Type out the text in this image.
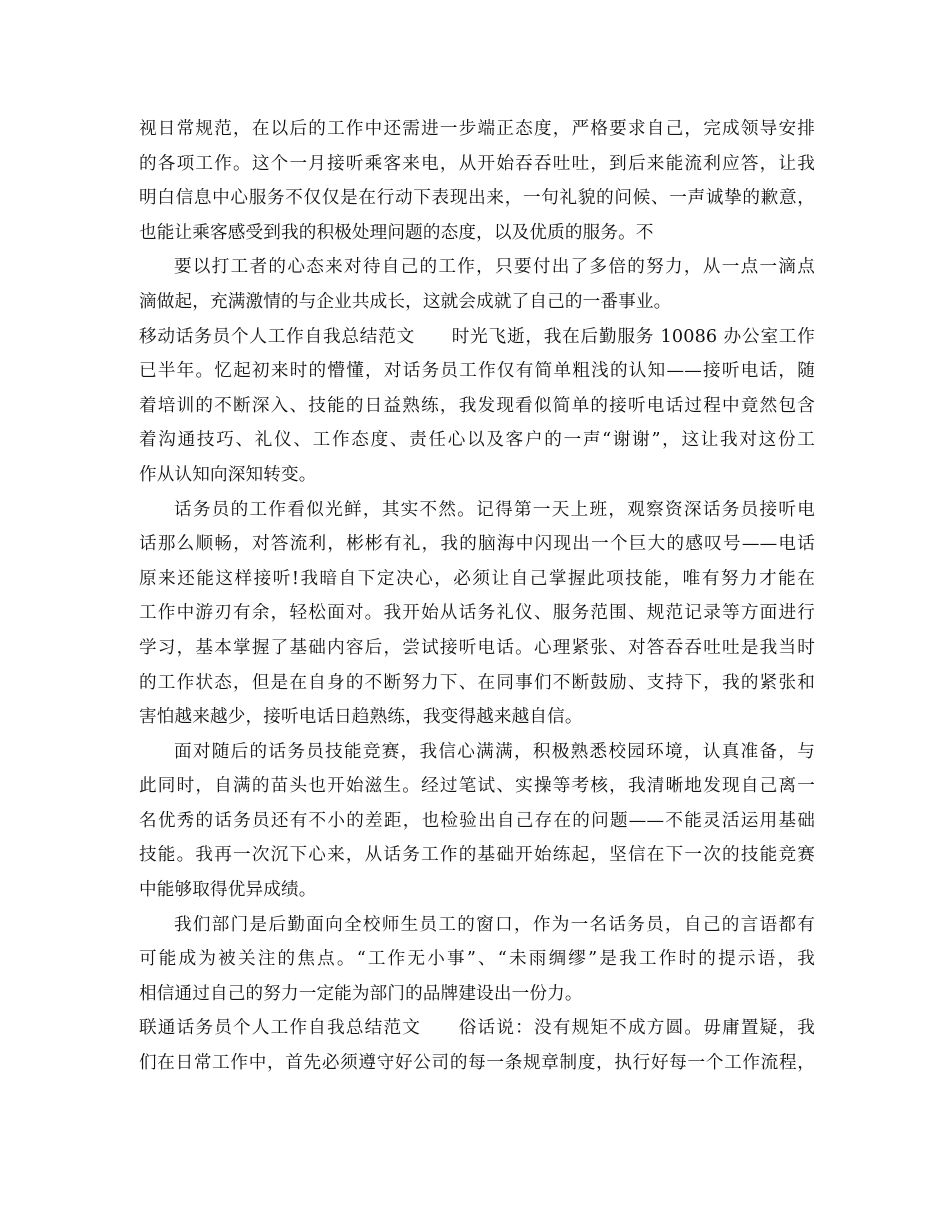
视日常规范，在以后的工作中还需进一步端正态度，严格要求自己，完成领导安排
的各项工作。这个一月接听乘客来电，从开始吞吞吐吐，到后来能流利应答，让我
明白信息中心服务不仅仅是在行动下表现出来，一句礼貌的问候、一声诚挚的歉意，
也能让乘客感受到我的积极处理问题的态度，以及优质的服务。不
要以打工者的心态来对待自己的工作，只要付出了多倍的努力，从一点一滴点
滴做起，充满激情的与企业共成长，这就会成就了自己的一番事业。
移动话务员个人工作自我总结范文　　时光飞逝，我在后勤服务 10086 办公室工作
已半年。忆起初来时的懵懂，对话务员工作仅有简单粗浅的认知——接听电话，随
着培训的不断深入、技能的日益熟练，我发现看似简单的接听电话过程中竟然包含
着沟通技巧、礼仪、工作态度、责任心以及客户的一声“谢谢”，这让我对这份工
作从认知向深知转变。
话务员的工作看似光鲜，其实不然。记得第一天上班，观察资深话务员接听电
话那么顺畅，对答流利，彬彬有礼，我的脑海中闪现出一个巨大的感叹号——电话
原来还能这样接听!我暗自下定决心，必须让自己掌握此项技能，唯有努力才能在
工作中游刃有余，轻松面对。我开始从话务礼仪、服务范围、规范记录等方面进行
学习，基本掌握了基础内容后，尝试接听电话。心理紧张、对答吞吞吐吐是我当时
的工作状态，但是在自身的不断努力下、在同事们不断鼓励、支持下，我的紧张和
害怕越来越少，接听电话日趋熟练，我变得越来越自信。
面对随后的话务员技能竞赛，我信心满满，积极熟悉校园环境，认真准备，与
此同时，自满的苗头也开始滋生。经过笔试、实操等考核，我清晰地发现自己离一
名优秀的话务员还有不小的差距，也检验出自己存在的问题——不能灵活运用基础
技能。我再一次沉下心来，从话务工作的基础开始练起，坚信在下一次的技能竞赛
中能够取得优异成绩。
我们部门是后勤面向全校师生员工的窗口，作为一名话务员，自己的言语都有
可能成为被关注的焦点。“工作无小事”、“未雨绸缪”是我工作时的提示语，我
相信通过自己的努力一定能为部门的品牌建设出一份力。
联通话务员个人工作自我总结范文　　俗话说：没有规矩不成方圆。毋庸置疑，我
们在日常工作中，首先必须遵守好公司的每一条规章制度，执行好每一个工作流程，
